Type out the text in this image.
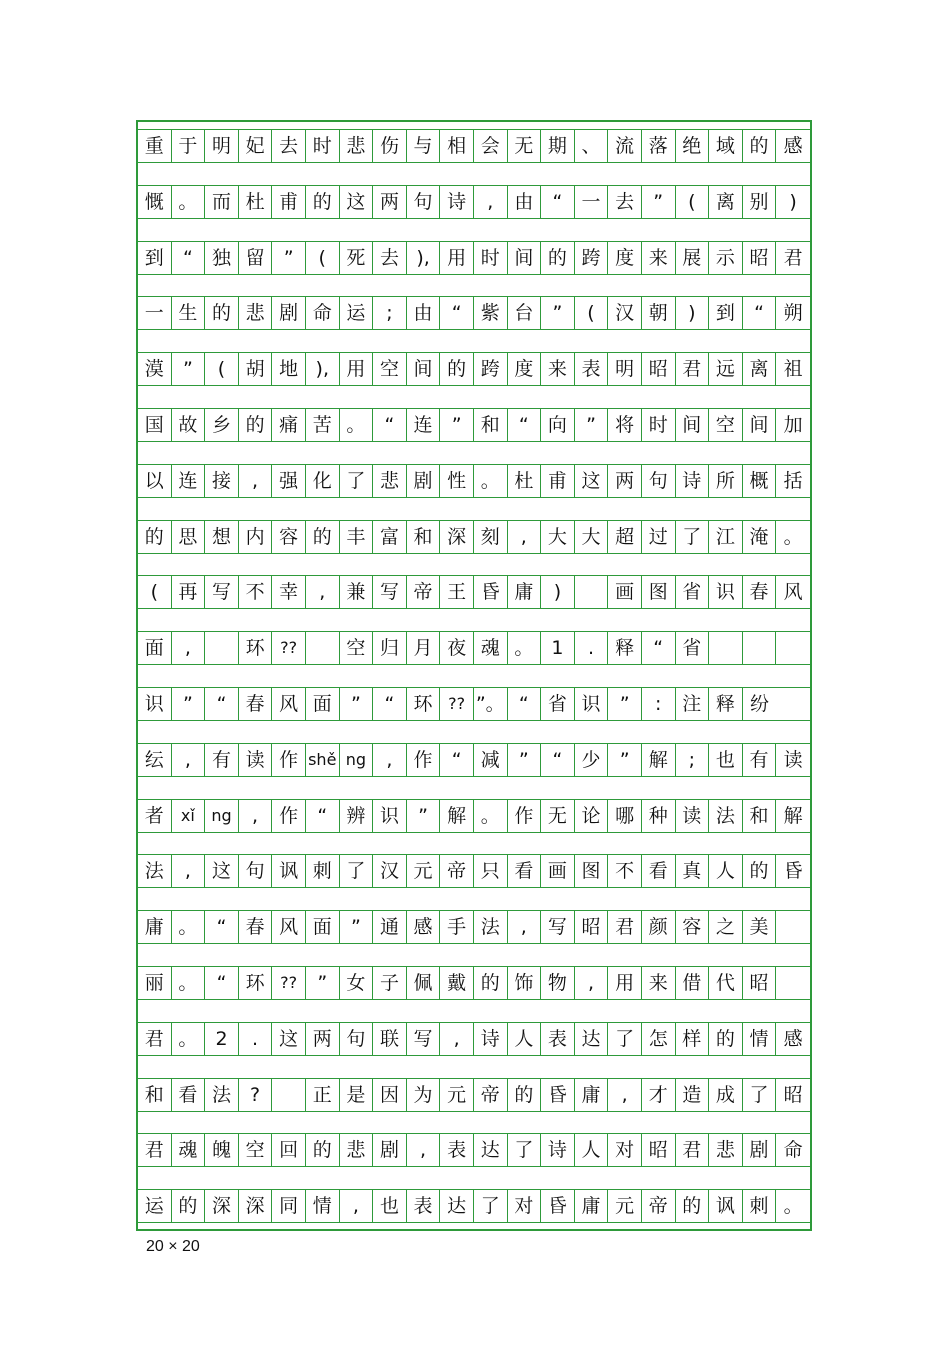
重 于 明 妃 去 时 悲 伤 与 相 会 无 期 、 流 落 绝 域 的 感
慨 。 而 杜 甫 的 这 两 句 诗	,	由	“	一 去	”	(	离 别	)
到	“	独 留	”	(	死 去 ), 用 时 间 的 跨 度 来 展 示 昭 君
一 生 的 悲 剧 命 运	;	由	“	紫 台	”	(	汉 朝	)	到	“	朔
漠	”	(	胡 地 ), 用 空 间 的 跨 度 来 表 明 昭 君 远 离 祖
国 故 乡 的 痛 苦 。	“	连	”	和	“	向	”	将 时 间 空 间 加
以 连 接	,	强 化 了 悲 剧 性 。 杜 甫 这 两 句 诗 所 概 括
的 思 想 内 容 的 丰 富 和 深 刻	,	大 大 超 过 了 江 淹 。
(	再 写 不 幸	,	兼 写 帝 王 昏 庸	)	画 图 省 识 春 风
面	,	环 ??	空 归 月 夜 魂 。 1	.	释	“	省
识	”	“	春 风 面	”	“	环 ?? ”。 “	省 识	”	:	注 释 纷
纭	,	有 读 作 shě ng	,	作	“	减	”	“	少	”	解	;	也 有 读
者	xǐ	ng	,	作	“	辨 识	”	解 。 作 无 论 哪 种 读 法 和 解
法	,	这 句 讽 刺 了 汉 元 帝 只 看 画 图 不 看 真 人 的 昏
庸 。	“	春 风 面	”	通 感 手 法	,	写 昭 君 颜 容 之 美
丽 。	“	环 ??	”	女 子 佩 戴 的 饰 物	,	用 来 借 代 昭
君 。 2	.	这 两 句 联 写	,	诗 人 表 达 了 怎 样 的 情 感
和 看 法	?	正 是 因 为 元 帝 的 昏 庸	,	才 造 成 了 昭
君 魂 魄 空 回 的 悲 剧	,	表 达 了 诗 人 对 昭 君 悲 剧 命
运 的 深 深 同 情	,	也 表 达 了 对 昏 庸 元 帝 的 讽 刺 。
20 × 20
